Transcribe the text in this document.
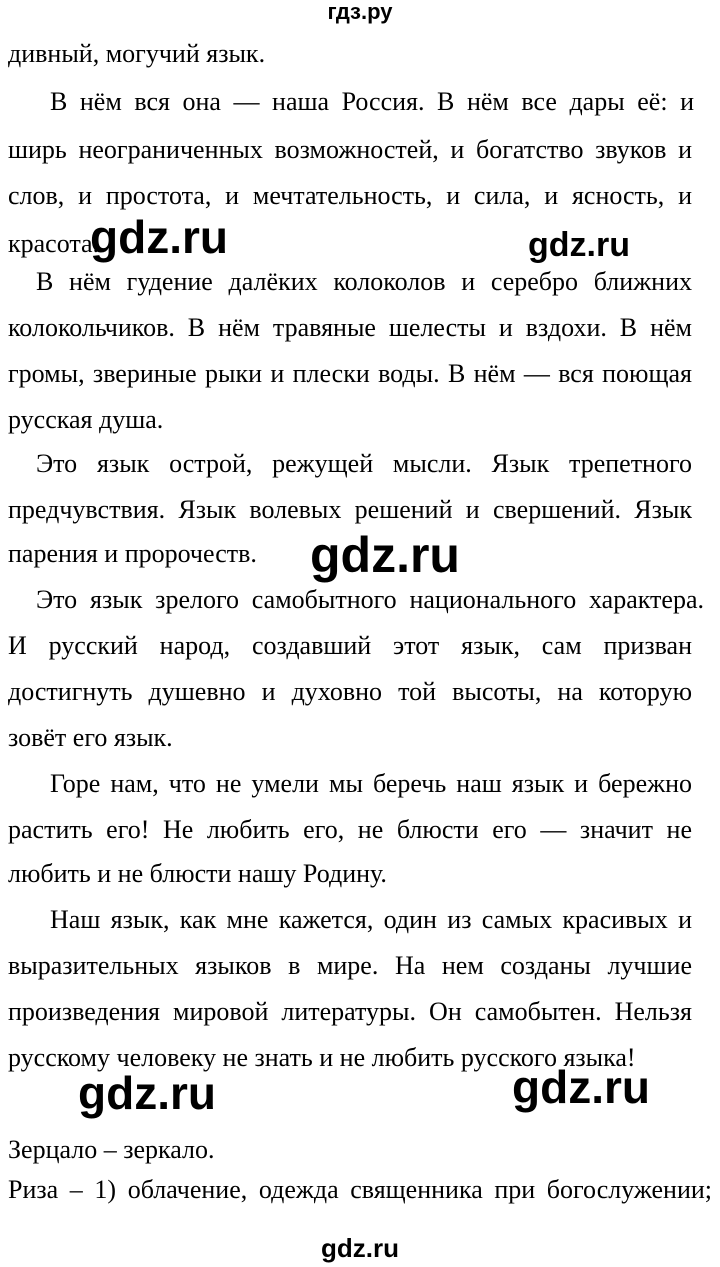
гдз.ру
дивный, могучий язык.
В нём вся она — наша Россия. В нём все дары её: и
ширь неограниченных возможностей, и богатство звуков и
слов, и простота, и мечтательность, и сила, и ясность, и
красота.
В нём гудение далёких колоколов и серебро ближних
колокольчиков. В нём травяные шелесты и вздохи. В нём
громы, звериные рыки и плески воды. В нём — вся поющая
русская душа.
Это язык острой, режущей мысли. Язык трепетного
предчувствия. Язык волевых решений и свершений. Язык
парения и пророчеств.
Это язык зрелого самобытного национального характера.
И русский народ, создавший этот язык, сам призван
достигнуть душевно и духовно той высоты, на которую
зовёт его язык.
Горе нам, что не умели мы беречь наш язык и бережно
растить его! Не любить его, не блюсти его — значит не
любить и не блюсти нашу Родину.
Наш язык, как мне кажется, один из самых красивых и
выразительных языков в мире. На нем созданы лучшие
произведения мировой литературы. Он самобытен. Нельзя
русскому человеку не знать и не любить русского языка!
Зерцало – зеркало.
Риза – 1) облачение, одежда священника при богослужении;
gdz.ru	gdz.ru
gdz.ru
gdz.ru	gdz.ru
gdz.ru
